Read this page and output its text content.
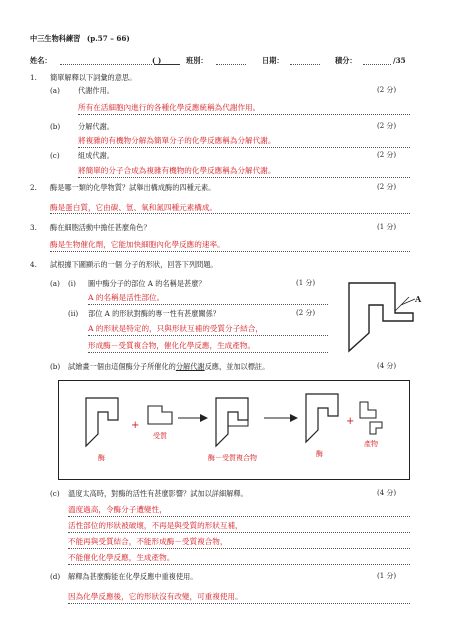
中三生物科練習 (p.57 – 66)
姓名：	( )	班別：	日期：	積分：	/35
1. 簡單解釋以下詞彙的意思。
(a)	代謝作用。	(2 分)
所有在活細胞內進行的各種化學反應統稱為代謝作用。
(b) 分解代謝。	(2 分)
將複雜的有機物分解為簡單分子的化學反應稱為分解代謝。
(c)	組成代謝。	(2 分)
將簡單的分子合成為複雜有機物的化學反應稱為分解代謝。
2. 酶是哪一類的化學物質？試舉出構成酶的四種元素。	(2 分)
酶是蛋白質，它由碳、氫、氧和氮四種元素構成。
3. 酶在細胞活動中擔任甚麼角色？	(1 分)
酶是生物催化劑，它能加快細胞內化學反應的速率。
4. 試根據下圖顯示的一個 分子的形狀，回答下列問題。
(a) (i) 圖中酶分子的部位 A 的名稱是甚麼？	(1 分)
A 的名稱是活性部位。
(ii) 部位 A 的形狀對酶的專一性有甚麼關係？	(2 分)
A 的形狀是特定的，只與形狀互補的受質分子結合，
形成酶－受質複合物，催化化學反應，生成產物。
A
(b) 試繪畫一個由這個酶分子所催化的分解代謝反應，並加以標註。	(4 分)
酶
+
受質
酶－受質複合物	酶
+
產物
(c) 溫度太高時，對酶的活性有甚麼影響？試加以詳細解釋。	(4 分)
溫度過高，令酶分子遭變性，
活性部位的形狀被破壞，不再是與受質的形狀互補，
不能再與受質結合，不能形成酶－受質複合物，
不能催化化學反應，生成產物。
(d) 解釋為甚麼酶能在化學反應中重複使用。	(1 分)
因為化學反應後，它的形狀沒有改變，可重複使用。
